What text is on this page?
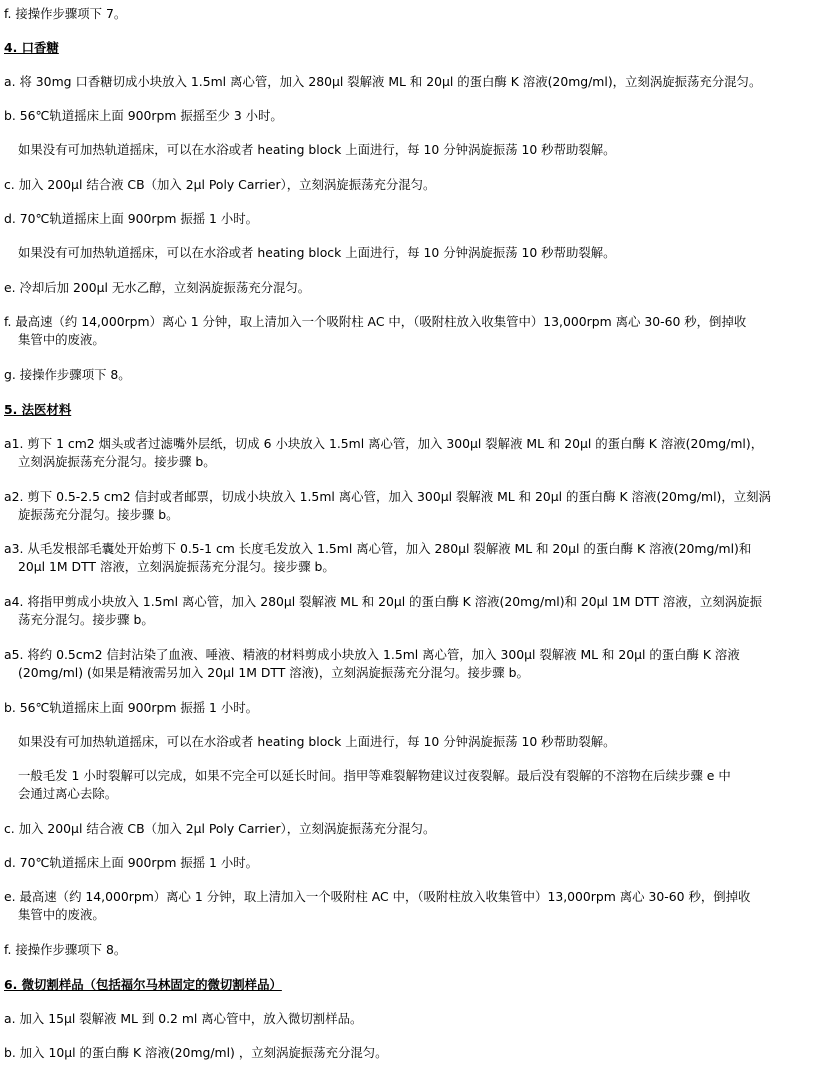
f. 接操作步骤项下 7。

4. 口香糖

a. 将 30mg 口香糖切成小块放入 1.5ml 离心管，加入 280μl 裂解液 ML 和 20μl 的蛋白酶 K 溶液(20mg/ml)，立刻涡旋振荡充分混匀。

b. 56℃轨道摇床上面 900rpm 振摇至少 3 小时。

如果没有可加热轨道摇床，可以在水浴或者 heating block 上面进行，每 10 分钟涡旋振荡 10 秒帮助裂解。

c. 加入 200μl 结合液 CB（加入 2μl Poly Carrier），立刻涡旋振荡充分混匀。

d. 70℃轨道摇床上面 900rpm 振摇 1 小时。

如果没有可加热轨道摇床，可以在水浴或者 heating block 上面进行，每 10 分钟涡旋振荡 10 秒帮助裂解。

e. 冷却后加 200μl 无水乙醇，立刻涡旋振荡充分混匀。

f. 最高速（约 14,000rpm）离心 1 分钟，取上清加入一个吸附柱 AC 中，（吸附柱放入收集管中）13,000rpm 离心 30-60 秒，倒掉收

集管中的废液。

g. 接操作步骤项下 8。

5. 法医材料

a1. 剪下 1 cm2 烟头或者过滤嘴外层纸，切成 6 小块放入 1.5ml 离心管，加入 300μl 裂解液 ML 和 20μl 的蛋白酶 K 溶液(20mg/ml)，

立刻涡旋振荡充分混匀。接步骤 b。

a2. 剪下 0.5-2.5 cm2 信封或者邮票，切成小块放入 1.5ml 离心管，加入 300μl 裂解液 ML 和 20μl 的蛋白酶 K 溶液(20mg/ml)，立刻涡

旋振荡充分混匀。接步骤 b。

a3. 从毛发根部毛囊处开始剪下 0.5-1 cm 长度毛发放入 1.5ml 离心管，加入 280μl 裂解液 ML 和 20μl 的蛋白酶 K 溶液(20mg/ml)和

20μl 1M DTT 溶液，立刻涡旋振荡充分混匀。接步骤 b。

a4. 将指甲剪成小块放入 1.5ml 离心管，加入 280μl 裂解液 ML 和 20μl 的蛋白酶 K 溶液(20mg/ml)和 20μl 1M DTT 溶液，立刻涡旋振

荡充分混匀。接步骤 b。

a5. 将约 0.5cm2 信封沾染了血液、唾液、精液的材料剪成小块放入 1.5ml 离心管，加入 300μl 裂解液 ML 和 20μl 的蛋白酶 K 溶液

(20mg/ml) (如果是精液需另加入 20μl 1M DTT 溶液)，立刻涡旋振荡充分混匀。接步骤 b。

b. 56℃轨道摇床上面 900rpm 振摇 1 小时。

如果没有可加热轨道摇床，可以在水浴或者 heating block 上面进行，每 10 分钟涡旋振荡 10 秒帮助裂解。

一般毛发 1 小时裂解可以完成，如果不完全可以延长时间。指甲等难裂解物建议过夜裂解。最后没有裂解的不溶物在后续步骤 e 中

会通过离心去除。

c. 加入 200μl 结合液 CB（加入 2μl Poly Carrier），立刻涡旋振荡充分混匀。

d. 70℃轨道摇床上面 900rpm 振摇 1 小时。

e. 最高速（约 14,000rpm）离心 1 分钟，取上清加入一个吸附柱 AC 中，（吸附柱放入收集管中）13,000rpm 离心 30-60 秒，倒掉收

集管中的废液。

f. 接操作步骤项下 8。

6. 微切割样品（包括福尔马林固定的微切割样品）

a. 加入 15μl 裂解液 ML 到 0.2 ml 离心管中，放入微切割样品。

b. 加入 10μl 的蛋白酶 K 溶液(20mg/ml) ，立刻涡旋振荡充分混匀。
